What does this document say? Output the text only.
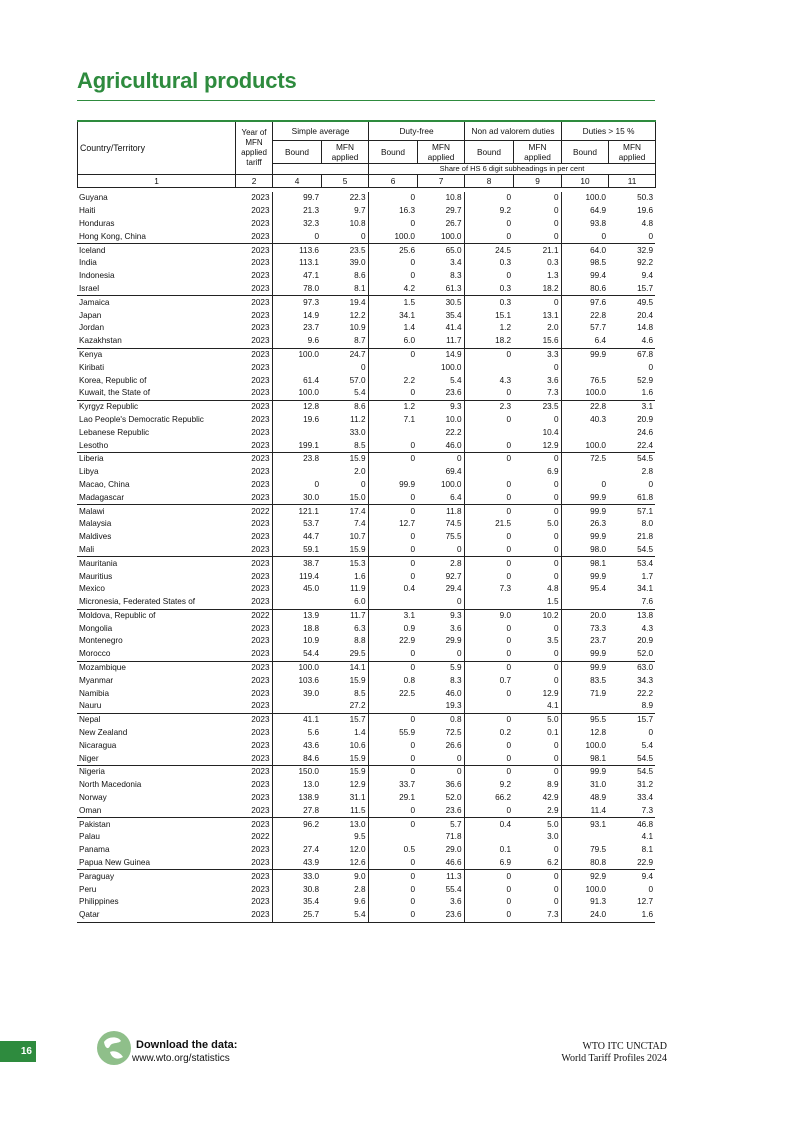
Agricultural products
Country/Territory	Year of MFN applied tariff	Simple average		Duty-free		Non ad valorem duties		Duties > 15 %	
		Bound	MFN applied	Bound	MFN applied	Bound	MFN applied	Bound	MFN applied
				Share of HS 6 digit subheadings in per cent					
1	2	4	5	6	7	8	9	10	11
Guyana	2023	99.7	22.3	0	10.8	0	0	100.0	50.3
Haiti	2023	21.3	9.7	16.3	29.7	9.2	0	64.9	19.6
Honduras	2023	32.3	10.8	0	26.7	0	0	93.8	4.8
Hong Kong, China	2023	0	0	100.0	100.0	0	0	0	0
Iceland	2023	113.6	23.5	25.6	65.0	24.5	21.1	64.0	32.9
India	2023	113.1	39.0	0	3.4	0.3	0.3	98.5	92.2
Indonesia	2023	47.1	8.6	0	8.3	0	1.3	99.4	9.4
Israel	2023	78.0	8.1	4.2	61.3	0.3	18.2	80.6	15.7
Jamaica	2023	97.3	19.4	1.5	30.5	0.3	0	97.6	49.5
Japan	2023	14.9	12.2	34.1	35.4	15.1	13.1	22.8	20.4
Jordan	2023	23.7	10.9	1.4	41.4	1.2	2.0	57.7	14.8
Kazakhstan	2023	9.6	8.7	6.0	11.7	18.2	15.6	6.4	4.6
Kenya	2023	100.0	24.7	0	14.9	0	3.3	99.9	67.8
Kiribati	2023		0		100.0		0		0
Korea, Republic of	2023	61.4	57.0	2.2	5.4	4.3	3.6	76.5	52.9
Kuwait, the State of	2023	100.0	5.4	0	23.6	0	7.3	100.0	1.6
Kyrgyz Republic	2023	12.8	8.6	1.2	9.3	2.3	23.5	22.8	3.1
Lao People's Democratic Republic	2023	19.6	11.2	7.1	10.0	0	0	40.3	20.9
Lebanese Republic	2023		33.0		22.2		10.4		24.6
Lesotho	2023	199.1	8.5	0	46.0	0	12.9	100.0	22.4
Liberia	2023	23.8	15.9	0	0	0	0	72.5	54.5
Libya	2023		2.0		69.4		6.9		2.8
Macao, China	2023	0	0	99.9	100.0	0	0	0	0
Madagascar	2023	30.0	15.0	0	6.4	0	0	99.9	61.8
Malawi	2022	121.1	17.4	0	11.8	0	0	99.9	57.1
Malaysia	2023	53.7	7.4	12.7	74.5	21.5	5.0	26.3	8.0
Maldives	2023	44.7	10.7	0	75.5	0	0	99.9	21.8
Mali	2023	59.1	15.9	0	0	0	0	98.0	54.5
Mauritania	2023	38.7	15.3	0	2.8	0	0	98.1	53.4
Mauritius	2023	119.4	1.6	0	92.7	0	0	99.9	1.7
Mexico	2023	45.0	11.9	0.4	29.4	7.3	4.8	95.4	34.1
Micronesia, Federated States of	2023		6.0		0		1.5		7.6
Moldova, Republic of	2022	13.9	11.7	3.1	9.3	9.0	10.2	20.0	13.8
Mongolia	2023	18.8	6.3	0.9	3.6	0	0	73.3	4.3
Montenegro	2023	10.9	8.8	22.9	29.9	0	3.5	23.7	20.9
Morocco	2023	54.4	29.5	0	0	0	0	99.9	52.0
Mozambique	2023	100.0	14.1	0	5.9	0	0	99.9	63.0
Myanmar	2023	103.6	15.9	0.8	8.3	0.7	0	83.5	34.3
Namibia	2023	39.0	8.5	22.5	46.0	0	12.9	71.9	22.2
Nauru	2023		27.2		19.3		4.1		8.9
Nepal	2023	41.1	15.7	0	0.8	0	5.0	95.5	15.7
New Zealand	2023	5.6	1.4	55.9	72.5	0.2	0.1	12.8	0
Nicaragua	2023	43.6	10.6	0	26.6	0	0	100.0	5.4
Niger	2023	84.6	15.9	0	0	0	0	98.1	54.5
Nigeria	2023	150.0	15.9	0	0	0	0	99.9	54.5
North Macedonia	2023	13.0	12.9	33.7	36.6	9.2	8.9	31.0	31.2
Norway	2023	138.9	31.1	29.1	52.0	66.2	42.9	48.9	33.4
Oman	2023	27.8	11.5	0	23.6	0	2.9	11.4	7.3
Pakistan	2023	96.2	13.0	0	5.7	0.4	5.0	93.1	46.8
Palau	2022		9.5		71.8		3.0		4.1
Panama	2023	27.4	12.0	0.5	29.0	0.1	0	79.5	8.1
Papua New Guinea	2023	43.9	12.6	0	46.6	6.9	6.2	80.8	22.9
Paraguay	2023	33.0	9.0	0	11.3	0	0	92.9	9.4
Peru	2023	30.8	2.8	0	55.4	0	0	100.0	0
Philippines	2023	35.4	9.6	0	3.6	0	0	91.3	12.7
Qatar	2023	25.7	5.4	0	23.6	0	7.3	24.0	1.6
16
Download the data:
www.wto.org/statistics
WTO ITC UNCTAD
World Tariff Profiles 2024
